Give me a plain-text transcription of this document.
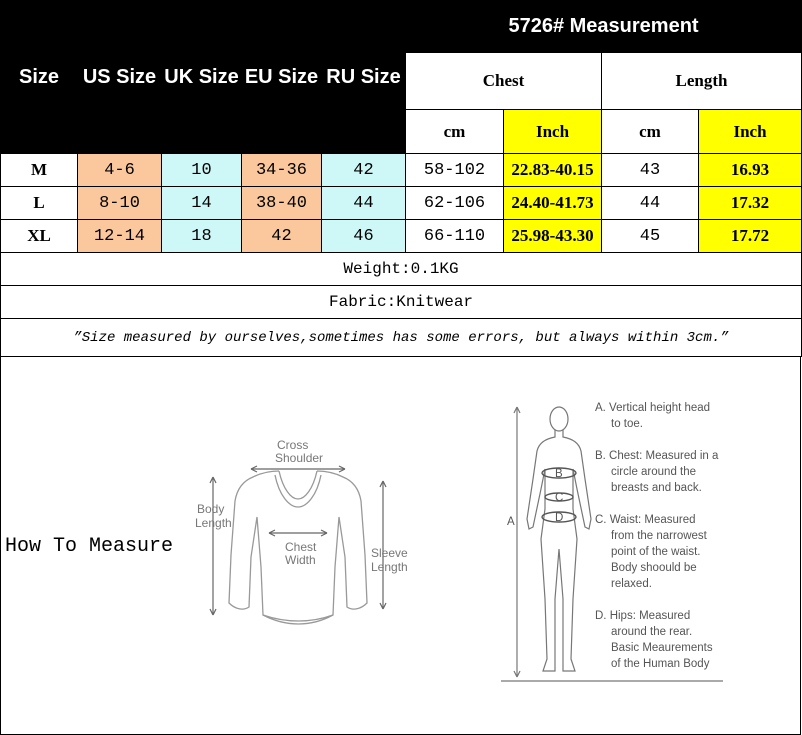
Size	US Size	UK Size	EU Size	RU Size	5726# Measurement			
					Chest		Length	
					cm	Inch	cm	Inch
M	4-6	10	34-36	42	58-102	22.83-40.15	43	16.93
L	8-10	14	38-40	44	62-106	24.40-41.73	44	17.32
XL	12-14	18	42	46	66-110	25.98-43.30	45	17.72
Weight:0.1KG								
Fabric:Knitwear								
”Size measured by ourselves,sometimes has some errors, but always within 3cm.”								
How To Measure
Cross
Shoulder
Body
Length
Chest
Width	Sleeve
Length
A
B
C
D
A. Vertical height head
to toe.
B. Chest: Measured in a
circle around the
breasts and back.
C. Waist: Measured
from the narrowest
point of the waist.
Body shoould be
relaxed.
D. Hips: Measured
around the rear.
Basic Meaurements
of the Human Body
